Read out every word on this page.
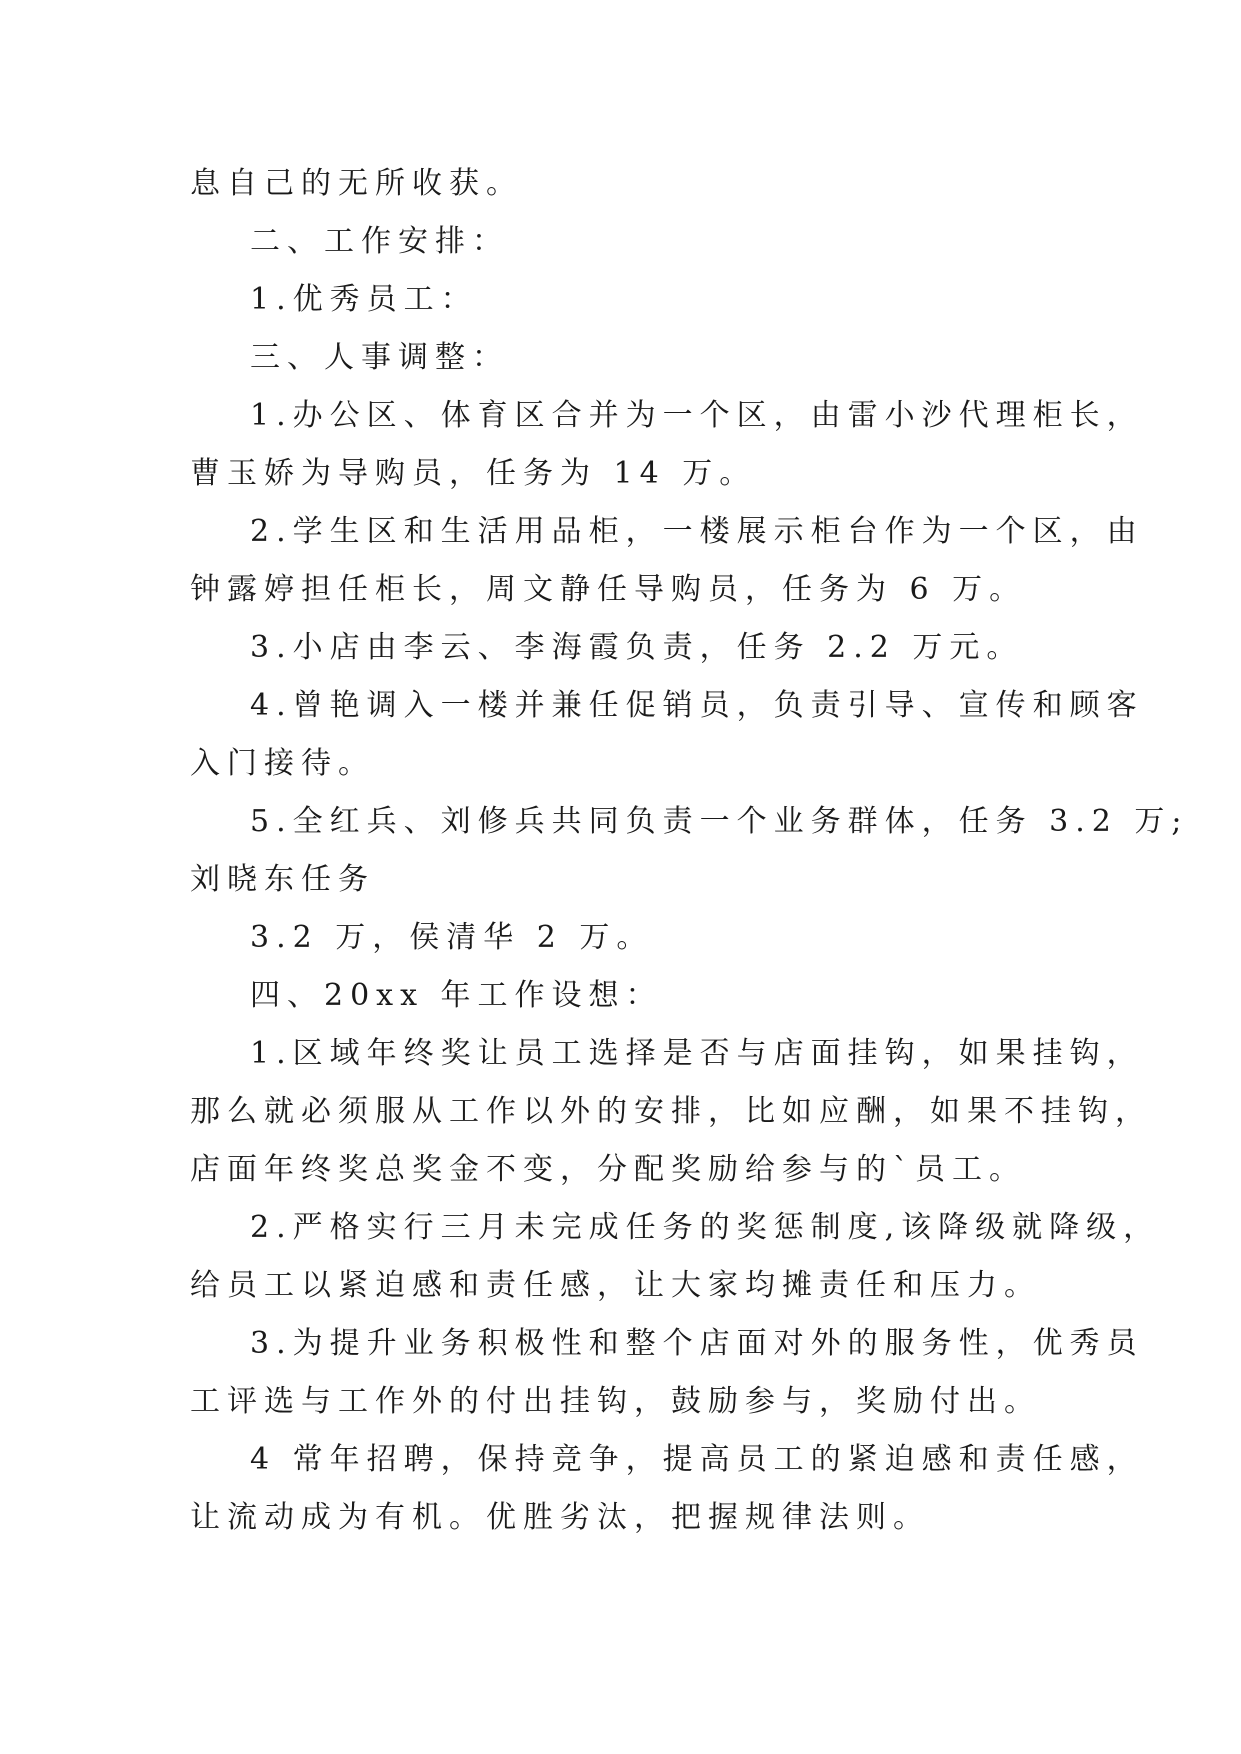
息自己的无所收获。

二、工作安排：

1.优秀员工：

三、人事调整：

1.办公区、体育区合并为一个区，由雷小沙代理柜长，

曹玉娇为导购员，任务为 14 万。

2.学生区和生活用品柜，一楼展示柜台作为一个区，由

钟露婷担任柜长，周文静任导购员，任务为 6 万。

3.小店由李云、李海霞负责，任务 2.2 万元。

4.曾艳调入一楼并兼任促销员，负责引导、宣传和顾客

入门接待。

5.全红兵、刘修兵共同负责一个业务群体，任务 3.2 万;

刘晓东任务

3.2 万，侯清华 2 万。

四、20xx 年工作设想：

1.区域年终奖让员工选择是否与店面挂钩，如果挂钩，

那么就必须服从工作以外的安排，比如应酬，如果不挂钩，

店面年终奖总奖金不变，分配奖励给参与的`员工。

2.严格实行三月未完成任务的奖惩制度,该降级就降级，

给员工以紧迫感和责任感，让大家均摊责任和压力。

3.为提升业务积极性和整个店面对外的服务性，优秀员

工评选与工作外的付出挂钩，鼓励参与，奖励付出。

4 常年招聘，保持竞争，提高员工的紧迫感和责任感，

让流动成为有机。优胜劣汰，把握规律法则。
